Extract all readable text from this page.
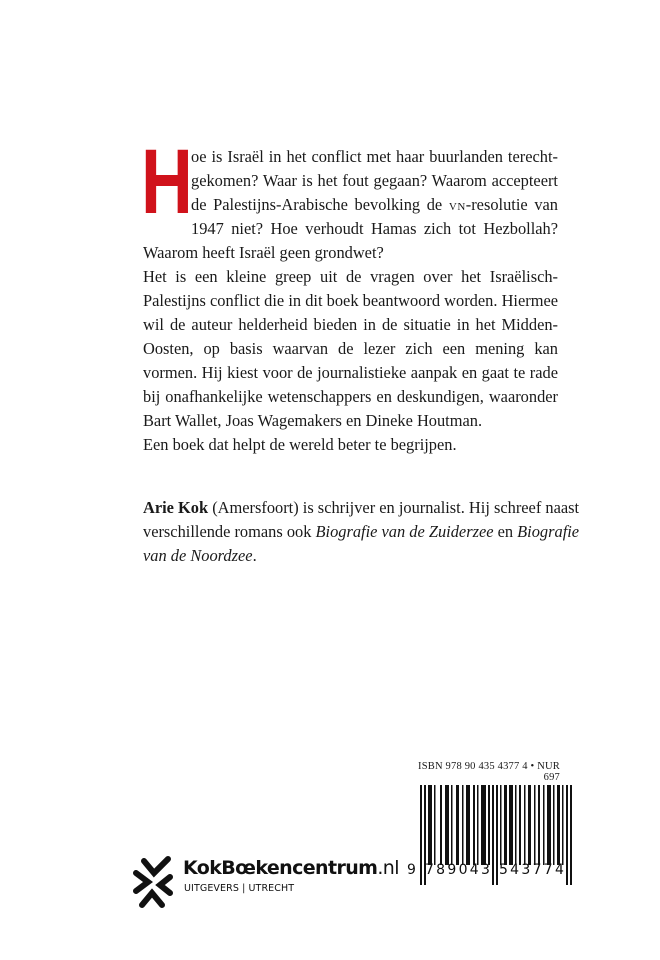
H
oe is Israël in het conflict met haar buurlanden terechtgekomen? Waar is het fout gegaan? Waarom accepteert de Palestijns-Arabische bevolking de vn-resolutie van 1947 niet? Hoe verhoudt Hamas zich tot Hezbollah? Waarom heeft Israël geen grondwet?

Het is een kleine greep uit de vragen over het Israëlisch-Palestijns conflict die in dit boek beantwoord worden. Hiermee wil de auteur helderheid bieden in de situatie in het Midden-Oosten, op basis waarvan de lezer zich een mening kan vormen. Hij kiest voor de journalistieke aanpak en gaat te rade bij onafhankelijke wetenschappers en deskundigen, waaronder Bart Wallet, Joas Wagemakers en Dineke Houtman.

Een boek dat helpt de wereld beter te begrijpen.

Arie Kok (Amersfoort) is schrijver en journalist. Hij schreef naast verschillende romans ook Biografie van de Zuiderzee en Biografie van de Noordzee.

ISBN 978 90 435 4377 4 • NUR 697
9 789043 543774
KokBœkencentrum.nl
UITGEVERS | UTRECHT
